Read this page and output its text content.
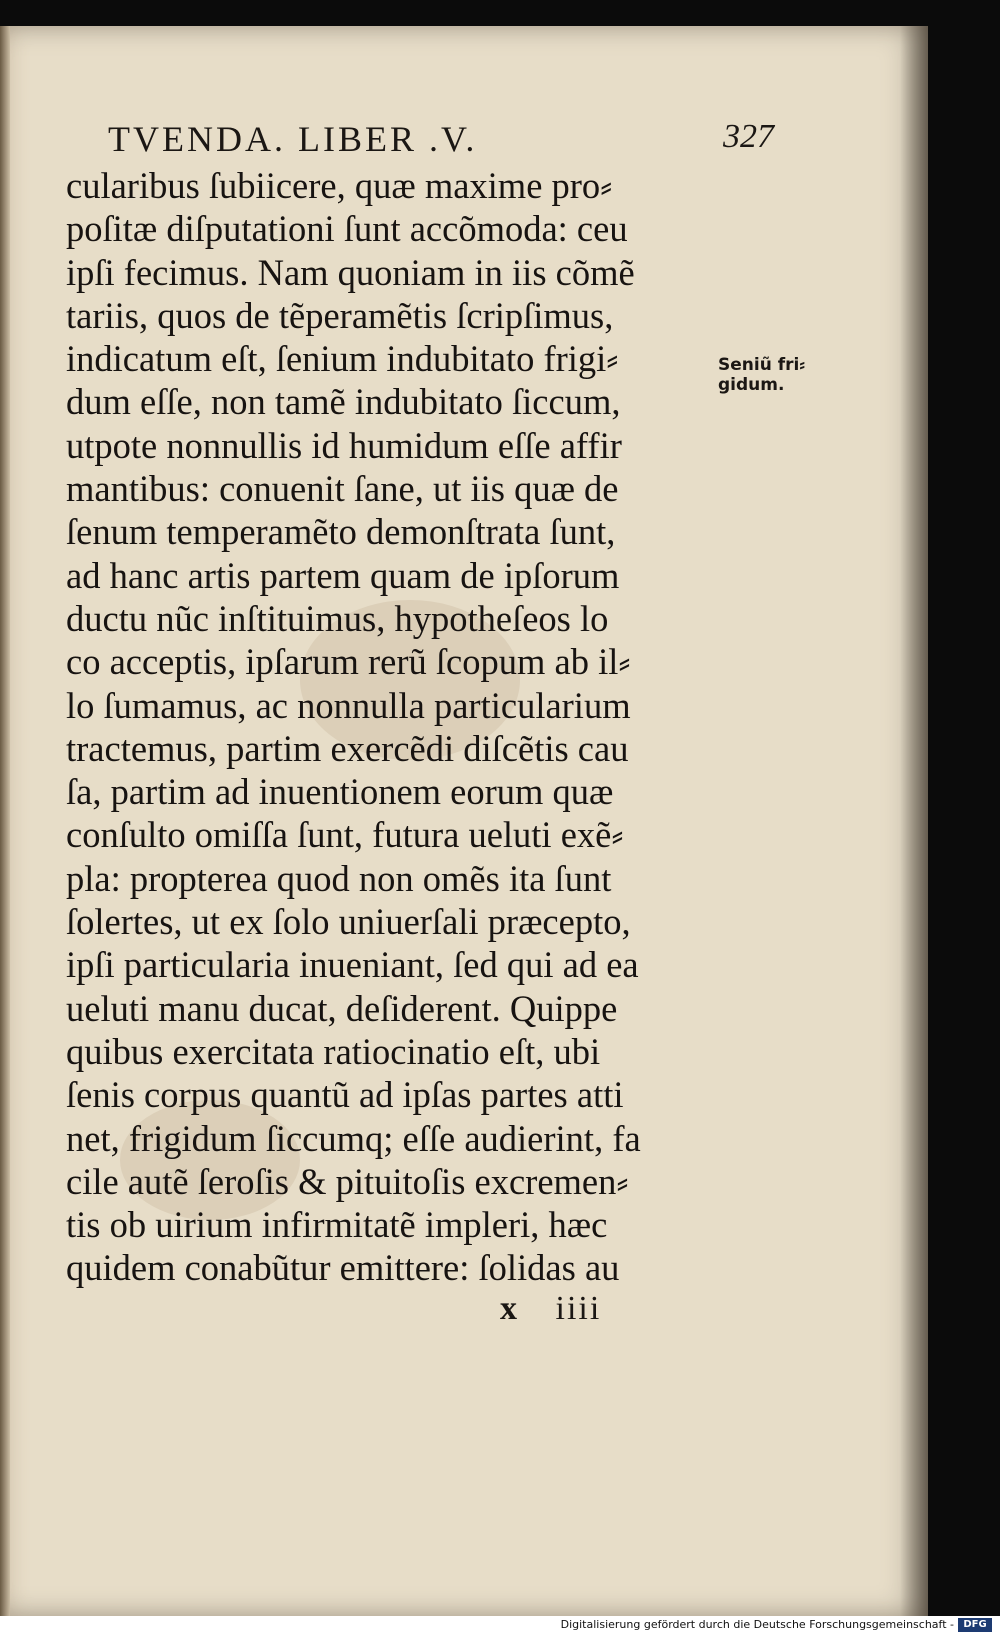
TVENDA. LIBER .V.	327
cularibus ſubiicere, quæ maxime pro⸗
poſitæ diſputationi ſunt accõmoda: ceu
ipſi fecimus. Nam quoniam in iis cõmẽ
tariis, quos de tẽperamẽtis ſcripſimus,
indicatum eſt, ſenium indubitato frigi⸗
dum eſſe, non tamẽ indubitato ſiccum,
utpote nonnullis id humidum eſſe affir
mantibus: conuenit ſane, ut iis quæ de
ſenum temperamẽto demonſtrata ſunt,
ad hanc artis partem quam de ipſorum
ductu nũc inſtituimus, hypotheſeos lo
co acceptis, ipſarum rerũ ſcopum ab il⸗
lo ſumamus, ac nonnulla particularium
tractemus, partim exercẽdi diſcẽtis cau
ſa, partim ad inuentionem eorum quæ
conſulto omiſſa ſunt, futura ueluti exẽ⸗
pla: propterea quod non omẽs ita ſunt
ſolertes, ut ex ſolo uniuerſali præcepto,
ipſi particularia inueniant, ſed qui ad ea
ueluti manu ducat, deſiderent. Quippe
quibus exercitata ratiocinatio eſt, ubi
ſenis corpus quantũ ad ipſas partes atti
net, frigidum ſiccumq; eſſe audierint, fa
cile autẽ ſeroſis & pituitoſis excremen⸗
tis ob uirium infirmitatẽ impleri, hæc
quidem conabũtur emittere: ſolidas au
Seniũ fri⸗
gidum.
x iiii
Digitalisierung gefördert durch die Deutsche Forschungsgemeinschaft - DFG
